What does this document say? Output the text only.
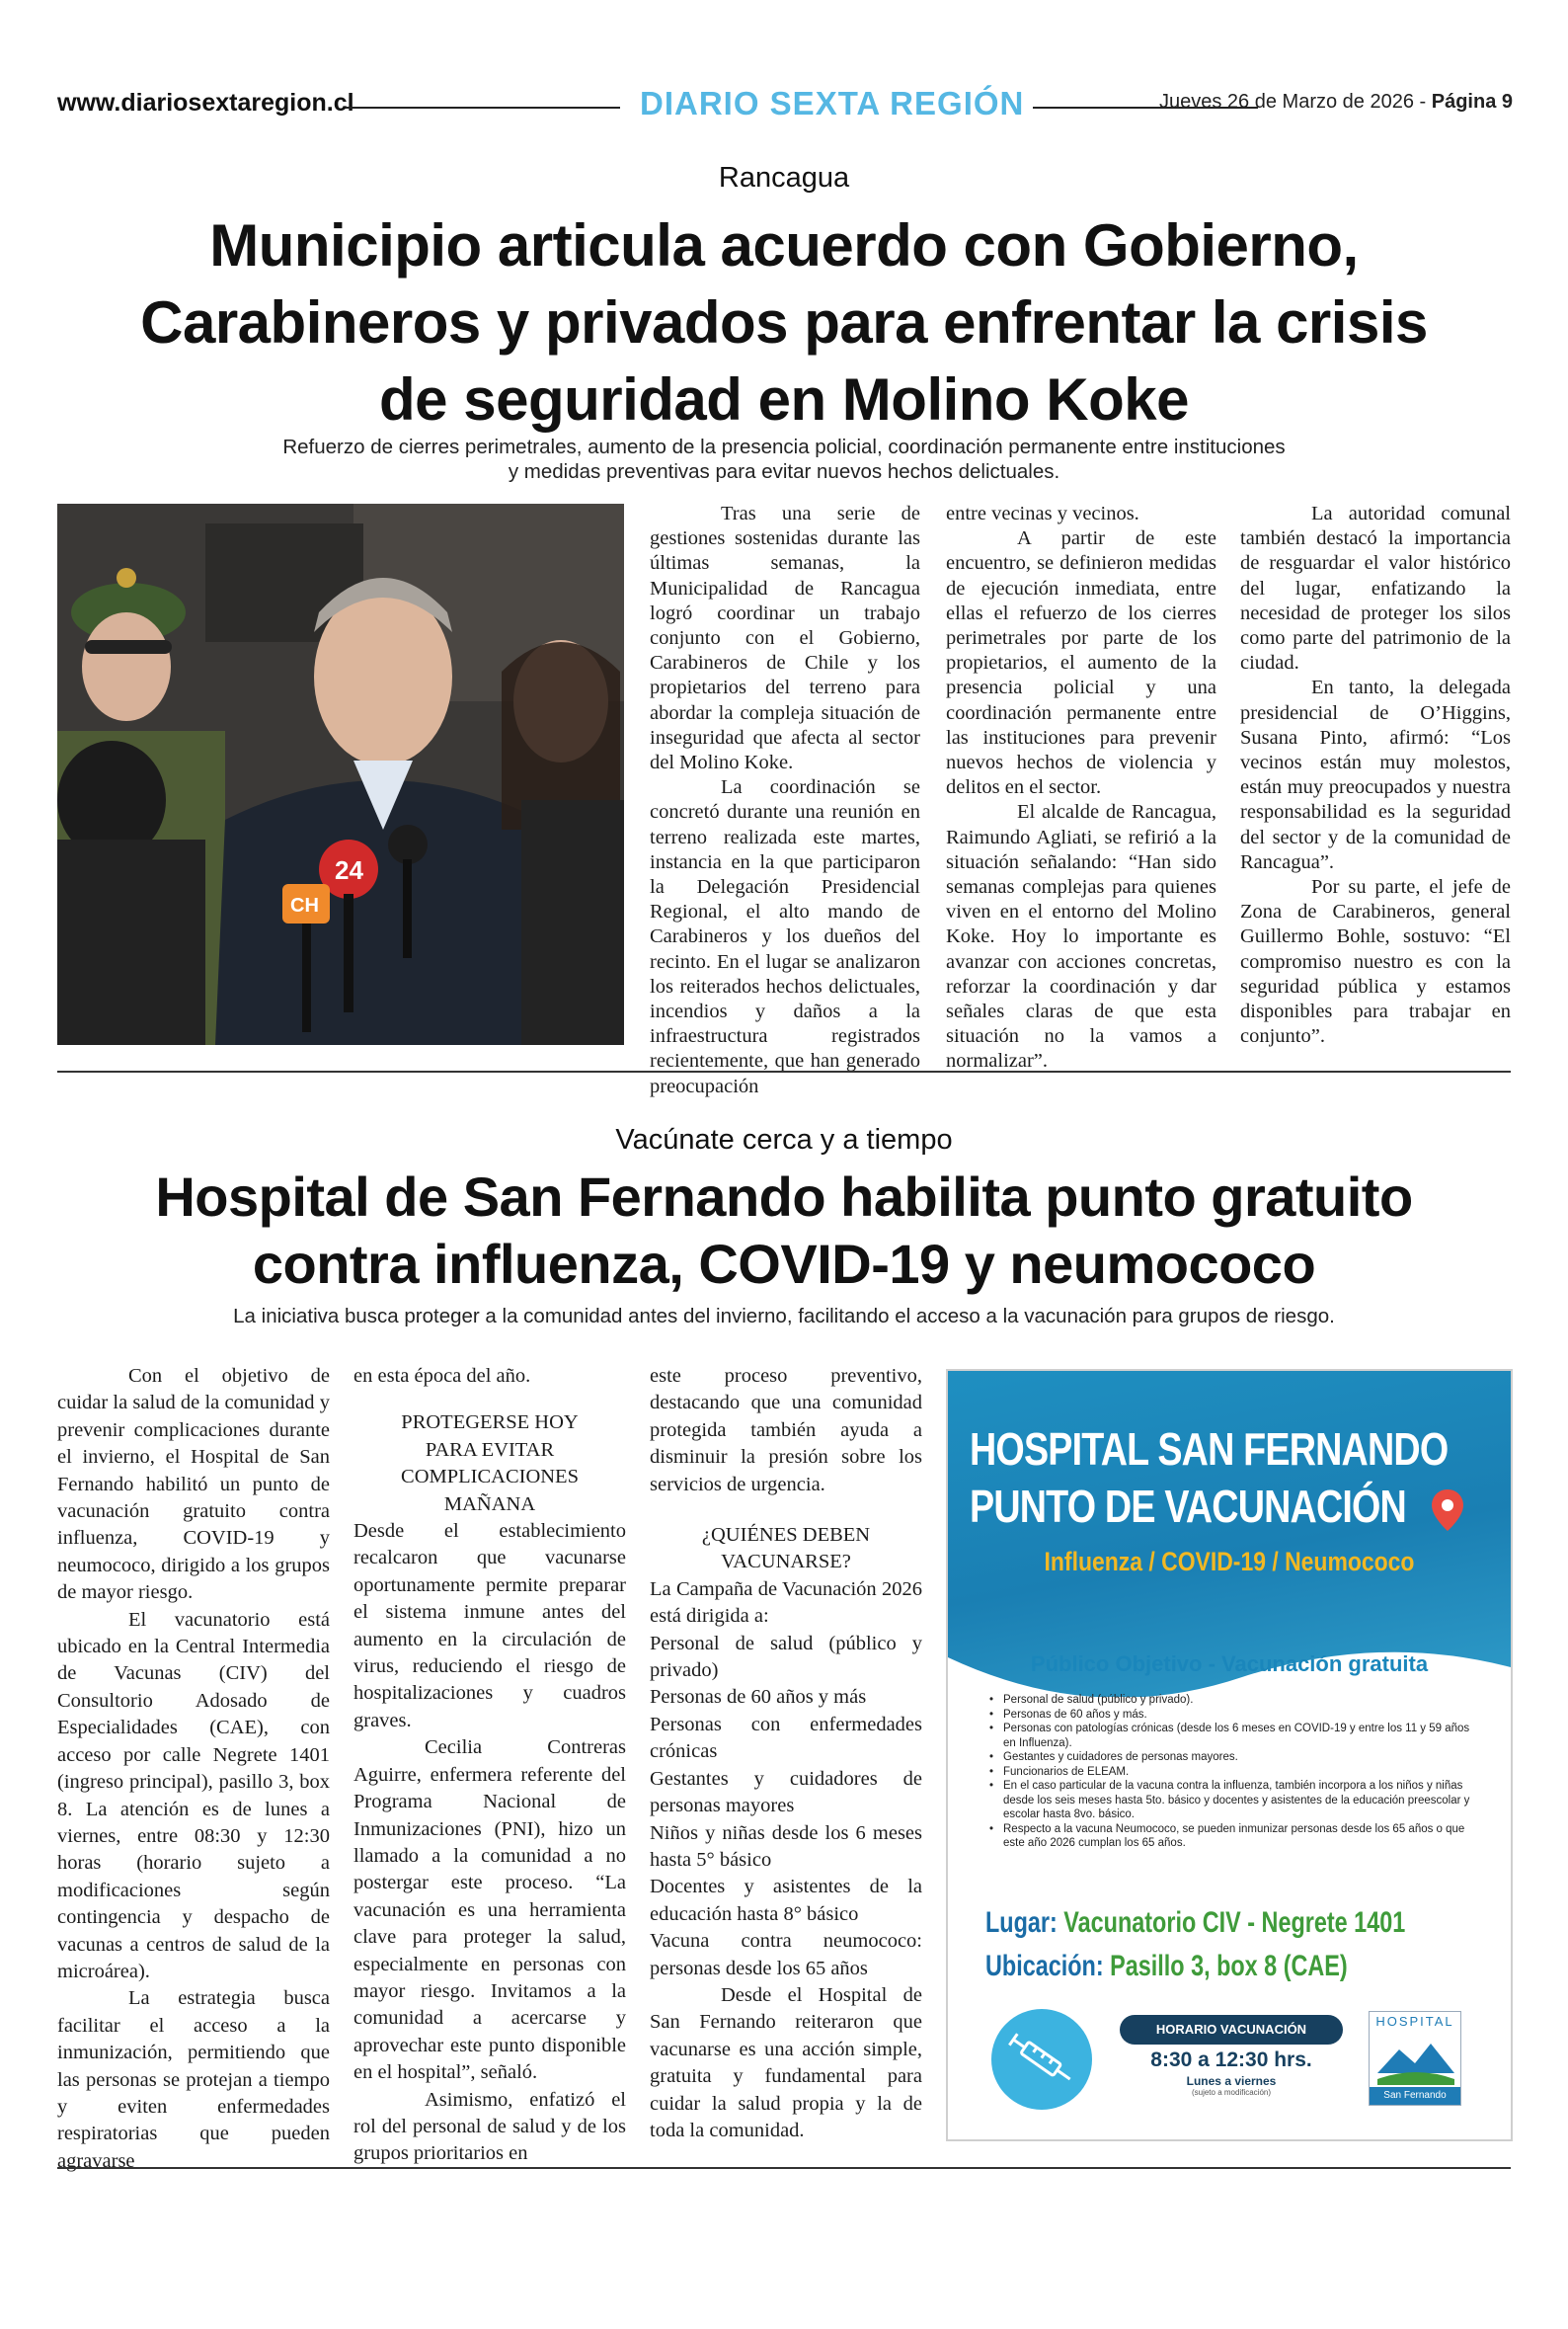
www.diariosextaregion.cl	DIARIO SEXTA REGIÓN	Jueves 26 de Marzo de 2026 - Página 9
Rancagua
Municipio articula acuerdo con Gobierno,
Carabineros y privados para enfrentar la crisis
de seguridad en Molino Koke
Refuerzo de cierres perimetrales, aumento de la presencia policial, coordinación permanente entre instituciones
y medidas preventivas para evitar nuevos hechos delictuales.
24
CH

Tras una serie de gestiones sostenidas durante las últimas semanas, la Municipalidad de Rancagua logró coordinar un trabajo conjunto con el Gobierno, Carabineros de Chile y los propietarios del terreno para abordar la compleja situación de inseguridad que afecta al sector del Molino Koke.

La coordinación se concretó durante una reunión en terreno realizada este martes, instancia en la que participaron la Delegación Presidencial Regional, el alto mando de Carabineros y los dueños del recinto. En el lugar se analizaron los reiterados hechos delictuales, incendios y daños a la infraestructura registrados recientemente, que han generado preocupación

entre vecinas y vecinos.

A partir de este encuentro, se definieron medidas de ejecución inmediata, entre ellas el refuerzo de los cierres perimetrales por parte de los propietarios, el aumento de la presencia policial y una coordinación permanente entre las instituciones para prevenir nuevos hechos de violencia y delitos en el sector.

El alcalde de Rancagua, Raimundo Agliati, se refirió a la situación señalando: “Han sido semanas complejas para quienes viven en el entorno del Molino Koke. Hoy lo importante es avanzar con acciones concretas, reforzar la coordinación y dar señales claras de que esta situación no la vamos a normalizar”.

La autoridad comunal también destacó la importancia de resguardar el valor histórico del lugar, enfatizando la necesidad de proteger los silos como parte del patrimonio de la ciudad.

En tanto, la delegada presidencial de O’Higgins, Susana Pinto, afirmó: “Los vecinos están muy molestos, están muy preocupados y nuestra responsabilidad es la seguridad del sector y de la comunidad de Rancagua”.

Por su parte, el jefe de Zona de Carabineros, general Guillermo Bohle, sostuvo: “El compromiso nuestro es con la seguridad pública y estamos disponibles para trabajar en conjunto”.

Vacúnate cerca y a tiempo
Hospital de San Fernando habilita punto gratuito
contra influenza, COVID-19 y neumococo
La iniciativa busca proteger a la comunidad antes del invierno, facilitando el acceso a la vacunación para grupos de riesgo.

Con el objetivo de cuidar la salud de la comunidad y prevenir complicaciones durante el invierno, el Hospital de San Fernando habilitó un punto de vacunación gratuito contra influenza, COVID-19 y neumococo, dirigido a los grupos de mayor riesgo.

El vacunatorio está ubicado en la Central Intermedia de Vacunas (CIV) del Consultorio Adosado de Especialidades (CAE), con acceso por calle Negrete 1401 (ingreso principal), pasillo 3, box 8. La atención es de lunes a viernes, entre 08:30 y 12:30 horas (horario sujeto a modificaciones según contingencia y despacho de vacunas a centros de salud de la microárea).

La estrategia busca facilitar el acceso a la inmunización, permitiendo que las personas se protejan a tiempo y eviten enfermedades respiratorias que pueden agravarse

en esta época del año.

PROTEGERSE HOY PARA EVITAR COMPLICACIONES MAÑANA

Desde el establecimiento recalcaron que vacunarse oportunamente permite preparar el sistema inmune antes del aumento en la circulación de virus, reduciendo el riesgo de hospitalizaciones y cuadros graves.

Cecilia Contreras Aguirre, enfermera referente del Programa Nacional de Inmunizaciones (PNI), hizo un llamado a la comunidad a no postergar este proceso. “La vacunación es una herramienta clave para proteger la salud, especialmente en personas con mayor riesgo. Invitamos a la comunidad a acercarse y aprovechar este punto disponible en el hospital”, señaló.

Asimismo, enfatizó el rol del personal de salud y de los grupos prioritarios en

este proceso preventivo, destacando que una comunidad protegida también ayuda a disminuir la presión sobre los servicios de urgencia.

¿QUIÉNES DEBEN VACUNARSE?

La Campaña de Vacunación 2026 está dirigida a:

Personal de salud (público y privado)

Personas de 60 años y más

Personas con enfermedades crónicas

Gestantes y cuidadores de personas mayores

Niños y niñas desde los 6 meses hasta 5° básico

Docentes y asistentes de la educación hasta 8° básico

Vacuna contra neumococo: personas desde los 65 años

Desde el Hospital de San Fernando reiteraron que vacunarse es una acción simple, gratuita y fundamental para cuidar la salud propia y la de toda la comunidad.

HOSPITAL SAN FERNANDO
PUNTO DE VACUNACIÓN
Influenza / COVID-19 / Neumococo
Público Objetivo - Vacunación gratuita
• Personal de salud (público y privado).
• Personas de 60 años y más.
• Personas con patologías crónicas (desde los 6 meses en COVID-19 y entre los 11 y 59 años en Influenza).
• Gestantes y cuidadores de personas mayores.
• Funcionarios de ELEAM.
• En el caso particular de la vacuna contra la influenza, también incorpora a los niños y niñas desde los seis meses hasta 5to. básico y docentes y asistentes de la educación preescolar y escolar hasta 8vo. básico.
• Respecto a la vacuna Neumococo, se pueden inmunizar personas desde los 65 años o que este año 2026 cumplan los 65 años.
Lugar: Vacunatorio CIV - Negrete 1401
Ubicación: Pasillo 3, box 8 (CAE)
HORARIO VACUNACIÓN
8:30 a 12:30 hrs.
Lunes a viernes
(sujeto a modificación)
HOSPITAL
San Fernando
